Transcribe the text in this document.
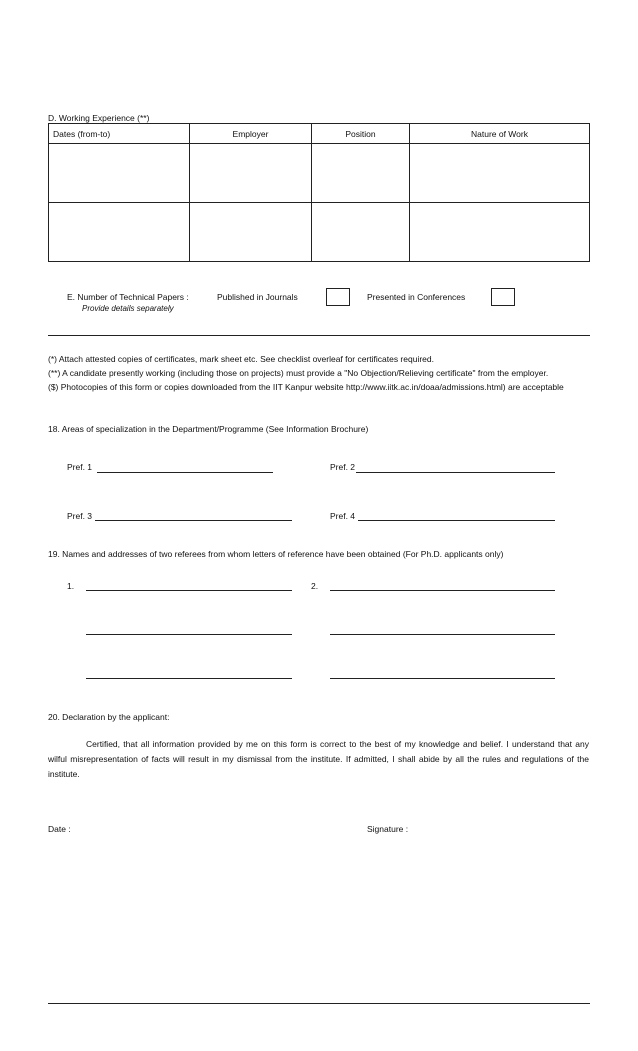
D. Working Experience (**)
Dates (from-to)	Employer	Position	Nature of Work

E. Number of Technical Papers :
Provide details separately
Published in Journals	Presented in Conferences
(*) Attach attested copies of certificates, mark sheet etc. See checklist overleaf for certificates required.
(**) A candidate presently working (including those on projects) must provide a "No Objection/Relieving certificate" from the employer.
($) Photocopies of this form or copies downloaded from the IIT Kanpur website http://www.iitk.ac.in/doaa/admissions.html) are acceptable
18. Areas of specialization in the Department/Programme (See Information Brochure)
Pref. 1	Pref. 2
Pref. 3	Pref. 4
19. Names and addresses of two referees from whom letters of reference have been obtained (For Ph.D. applicants only)
1.	2.
20. Declaration by the applicant:
Certified, that all information provided by me on this form is correct to the best of my knowledge and belief. I understand that any wilful misrepresentation of facts will result in my dismissal from the institute. If admitted, I shall abide by all the rules and regulations of the institute.
Date :	Signature :
